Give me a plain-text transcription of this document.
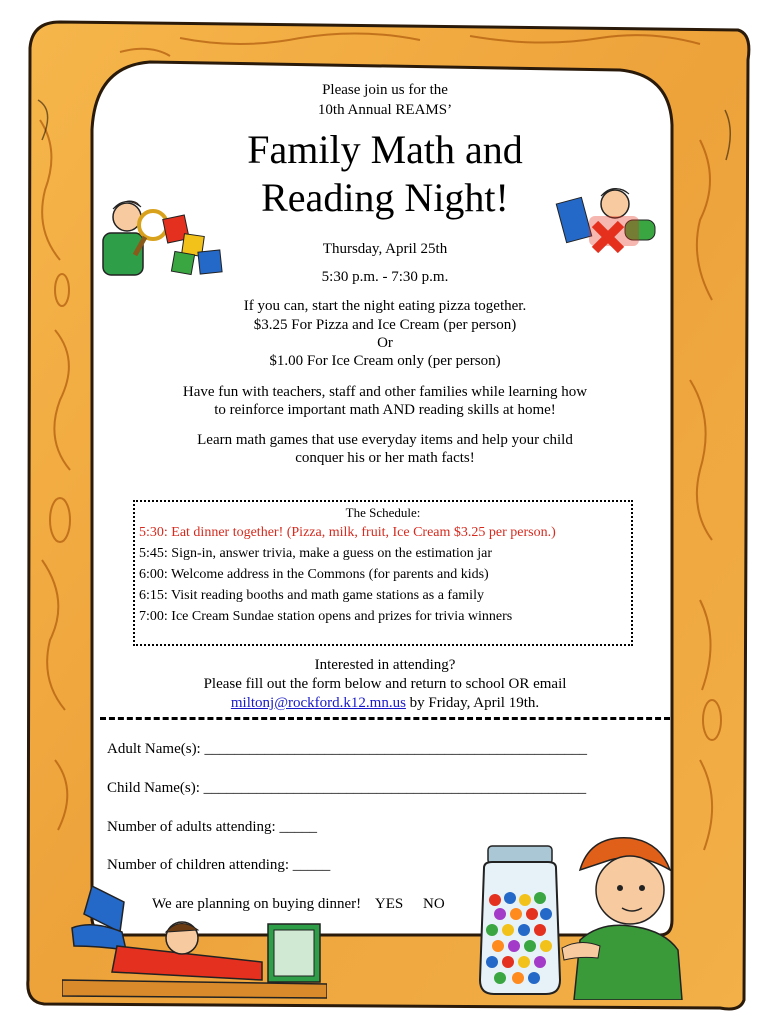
Please join us for the
10th Annual REAMS’
Family Math and
Reading Night!
Thursday, April 25th
5:30 p.m. - 7:30 p.m.
If you can, start the night eating pizza together.
$3.25 For Pizza and Ice Cream (per person)
Or
$1.00 For Ice Cream only (per person)
Have fun with teachers, staff and other families while learning how
to reinforce important math AND reading skills at home!
Learn math games that use everyday items and help your child
conquer his or her math facts!
The Schedule:
5:30: Eat dinner together! (Pizza, milk, fruit, Ice Cream $3.25 per person.)
5:45: Sign-in, answer trivia, make a guess on the estimation jar
6:00: Welcome address in the Commons (for parents and kids)
6:15: Visit reading booths and math game stations as a family
7:00: Ice Cream Sundae station opens and prizes for trivia winners
Interested in attending?
Please fill out the form below and return to school OR email
miltonj@rockford.k12.mn.us by Friday, April 19th.
Adult Name(s): ___________________________________________________
Child Name(s): ___________________________________________________
Number of adults attending: _____
Number of children attending: _____
We are planning on buying dinner! YES NO
